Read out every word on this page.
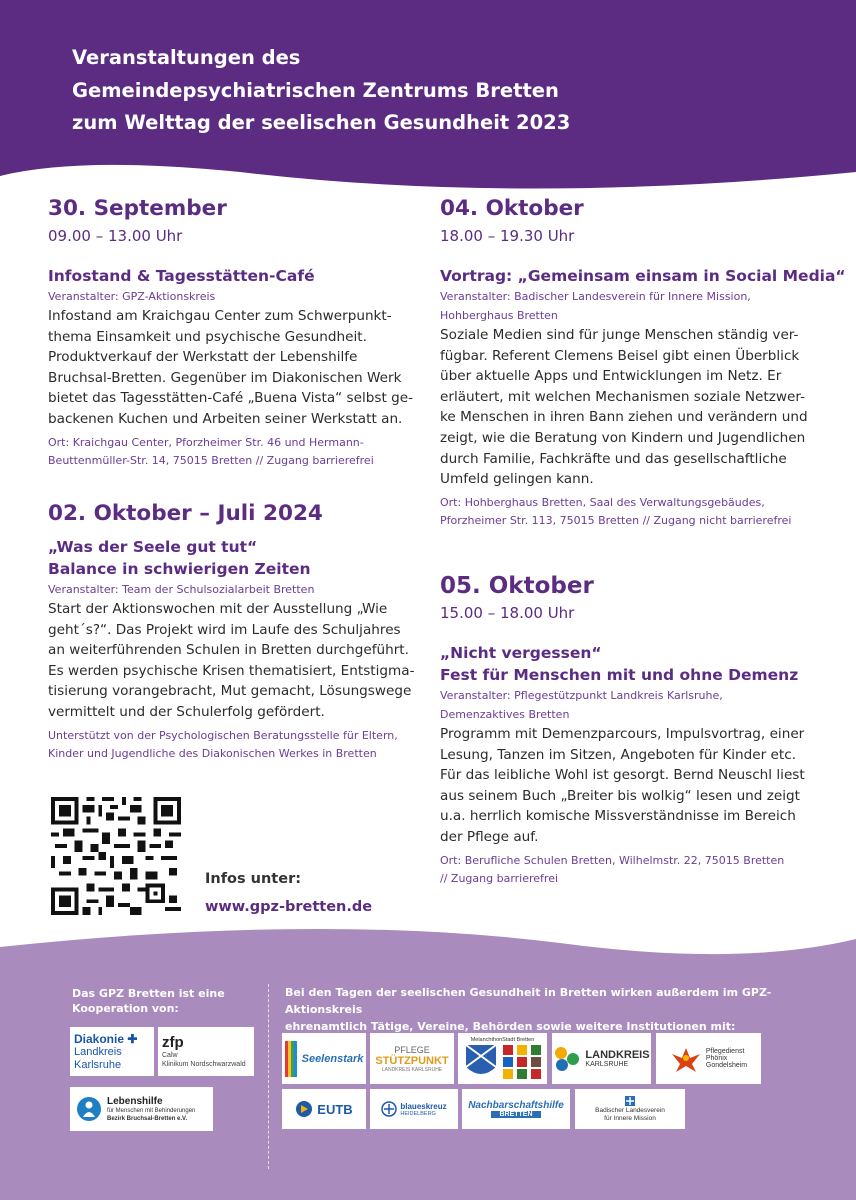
Veranstaltungen des
Gemeindepsychiatrischen Zentrums Bretten
zum Welttag der seelischen Gesundheit 2023
30. September
09.00 – 13.00 Uhr
Infostand & Tagesstätten-Café
Veranstalter: GPZ-Aktionskreis
Infostand am Kraichgau Center zum Schwerpunkt-
thema Einsamkeit und psychische Gesundheit.
Produktverkauf der Werkstatt der Lebenshilfe
Bruchsal-Bretten. Gegenüber im Diakonischen Werk
bietet das Tagesstätten-Café „Buena Vista“ selbst ge-
backenen Kuchen und Arbeiten seiner Werkstatt an.
Ort: Kraichgau Center, Pforzheimer Str. 46 und Hermann-
Beuttenmüller-Str. 14, 75015 Bretten // Zugang barrierefrei
02. Oktober – Juli 2024
„Was der Seele gut tut“
Balance in schwierigen Zeiten
Veranstalter: Team der Schulsozialarbeit Bretten
Start der Aktionswochen mit der Ausstellung „Wie
geht´s?“. Das Projekt wird im Laufe des Schuljahres
an weiterführenden Schulen in Bretten durchgeführt.
Es werden psychische Krisen thematisiert, Entstigma-
tisierung vorangebracht, Mut gemacht, Lösungswege
vermittelt und der Schulerfolg gefördert.
Unterstützt von der Psychologischen Beratungsstelle für Eltern,
Kinder und Jugendliche des Diakonischen Werkes in Bretten
04. Oktober
18.00 – 19.30 Uhr
Vortrag: „Gemeinsam einsam in Social Media“
Veranstalter: Badischer Landesverein für Innere Mission,
Hohberghaus Bretten
Soziale Medien sind für junge Menschen ständig ver-
fügbar. Referent Clemens Beisel gibt einen Überblick
über aktuelle Apps und Entwicklungen im Netz. Er
erläutert, mit welchen Mechanismen soziale Netzwer-
ke Menschen in ihren Bann ziehen und verändern und
zeigt, wie die Beratung von Kindern und Jugendlichen
durch Familie, Fachkräfte und das gesellschaftliche
Umfeld gelingen kann.
Ort: Hohberghaus Bretten, Saal des Verwaltungsgebäudes,
Pforzheimer Str. 113, 75015 Bretten // Zugang nicht barrierefrei
05. Oktober
15.00 – 18.00 Uhr
„Nicht vergessen“
Fest für Menschen mit und ohne Demenz
Veranstalter: Pflegestützpunkt Landkreis Karlsruhe,
Demenzaktives Bretten
Programm mit Demenzparcours, Impulsvortrag, einer
Lesung, Tanzen im Sitzen, Angeboten für Kinder etc.
Für das leibliche Wohl ist gesorgt. Bernd Neuschl liest
aus seinem Buch „Breiter bis wolkig“ lesen und zeigt
u.a. herrlich komische Missverständnisse im Bereich
der Pflege auf.
Ort: Berufliche Schulen Bretten, Wilhelmstr. 22, 75015 Bretten
// Zugang barrierefrei
Infos unter:
www.gpz-bretten.de
Das GPZ Bretten ist eine
Kooperation von:
Bei den Tagen der seelischen Gesundheit in Bretten wirken außerdem im GPZ-Aktionskreis
ehrenamtlich Tätige, Vereine, Behörden sowie weitere Institutionen mit:
Diakonie ✚
Landkreis
Karlsruhe
zfp
Calw
Klinikum Nordschwarzwald
Lebenshilfe
für Menschen mit Behinderungen
Bezirk Bruchsal-Bretten e.V.
Seelenstark
PFLEGE
STÜTZPUNKT
LANDKREIS KARLSRUHE
MelanchthonStadt Bretten
LANDKREIS
KARLSRUHE
Pflegedienst
Phönix
Gondelsheim
EUTB	blaueskreuz
HEIDELBERG
Nachbarschaftshilfe
BRETTEN
Badischer Landesverein
für Innere Mission
